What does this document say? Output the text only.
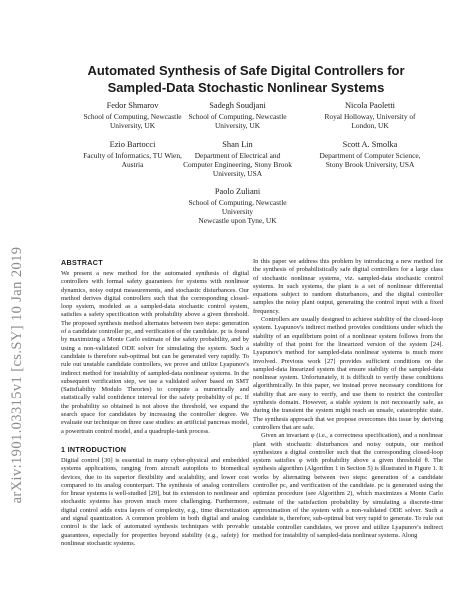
arXiv:1901.03315v1 [cs.SY] 10 Jan 2019
Automated Synthesis of Safe Digital Controllers for
Sampled-Data Stochastic Nonlinear Systems
Fedor Shmarov
School of Computing, Newcastle
University, UK
Sadegh Soudjani
School of Computing, Newcastle
University, UK
Nicola Paoletti
Royal Holloway, University of
London, UK
Ezio Bartocci
Faculty of Informatics, TU Wien,
Austria
Shan Lin
Department of Electrical and
Computer Engineering, Stony Brook
University, USA
Scott A. Smolka
Department of Computer Science,
Stony Brook University, USA
Paolo Zuliani
School of Computing, Newcastle
University
Newcastle upon Tyne, UK
ABSTRACT

We present a new method for the automated synthesis of digital controllers with formal safety guarantees for systems with nonlinear dynamics, noisy output measurements, and stochastic disturbances. Our method derives digital controllers such that the corresponding closed-loop system, modeled as a sampled-data stochastic control system, satisfies a safety specification with probability above a given threshold. The proposed synthesis method alternates between two steps: generation of a candidate controller pc, and verification of the candidate. pc is found by maximizing a Monte Carlo estimate of the safety probability, and by using a non-validated ODE solver for simulating the system. Such a candidate is therefore sub-optimal but can be generated very rapidly. To rule out unstable candidate controllers, we prove and utilize Lyapunov's indirect method for instability of sampled-data nonlinear systems. In the subsequent verification step, we use a validated solver based on SMT (Satisfiability Modulo Theories) to compute a numerically and statistically valid confidence interval for the safety probability of pc. If the probability so obtained is not above the threshold, we expand the search space for candidates by increasing the controller degree. We evaluate our technique on three case studies: an artificial pancreas model, a powertrain control model, and a quadruple-tank process.

1 INTRODUCTION

Digital control [30] is essential in many cyber-physical and embedded systems applications, ranging from aircraft autopilots to biomedical devices, due to its superior flexibility and scalability, and lower cost compared to its analog counterpart. The synthesis of analog controllers for linear systems is well-studied [29], but its extension to nonlinear and stochastic systems has proven much more challenging. Furthermore, digital control adds extra layers of complexity, e.g., time discretization and signal quantization. A common problem in both digital and analog control is the lack of automated synthesis techniques with provable guarantees, especially for properties beyond stability (e.g., safety) for nonlinear stochastic systems.

In this paper we address this problem by introducing a new method for the synthesis of probabilistically safe digital controllers for a large class of stochastic nonlinear systems, viz. sampled-data stochastic control systems. In such systems, the plant is a set of nonlinear differential equations subject to random disturbances, and the digital controller samples the noisy plant output, generating the control input with a fixed frequency.

Controllers are usually designed to achieve stability of the closed-loop system. Lyapunov's indirect method provides conditions under which the stability of an equilibrium point of a nonlinear system follows from the stability of that point for the linearized version of the system [24]. Lyapunov's method for sampled-data nonlinear systems is much more involved. Previous work [27] provides sufficient conditions on the sampled-data linearized system that ensure stability of the sampled-data nonlinear system. Unfortunately, it is difficult to verify these conditions algorithmically. In this paper, we instead prove necessary conditions for stability that are easy to verify, and use them to restrict the controller synthesis domain. However, a stable system is not necessarily safe, as during the transient the system might reach an unsafe, catastrophic state. The synthesis approach that we propose overcomes this issue by deriving controllers that are safe.

Given an invariant φ (i.e., a correctness specification), and a nonlinear plant with stochastic disturbances and noisy outputs, our method synthesizes a digital controller such that the corresponding closed-loop system satisfies φ with probability above a given threshold θ. The synthesis algorithm (Algorithm 1 in Section 5) is illustrated in Figure 1. It works by alternating between two steps: generation of a candidate controller pc, and verification of the candidate. pc is generated using the optimize procedure (see Algorithm 2), which maximizes a Monte Carlo estimate of the satisfaction probability by simulating a discrete-time approximation of the system with a non-validated ODE solver. Such a candidate is, therefore, sub-optimal but very rapid to generate. To rule out unstable controller candidates, we prove and utilize Lyapunov's indirect method for instability of sampled-data nonlinear systems. Along
